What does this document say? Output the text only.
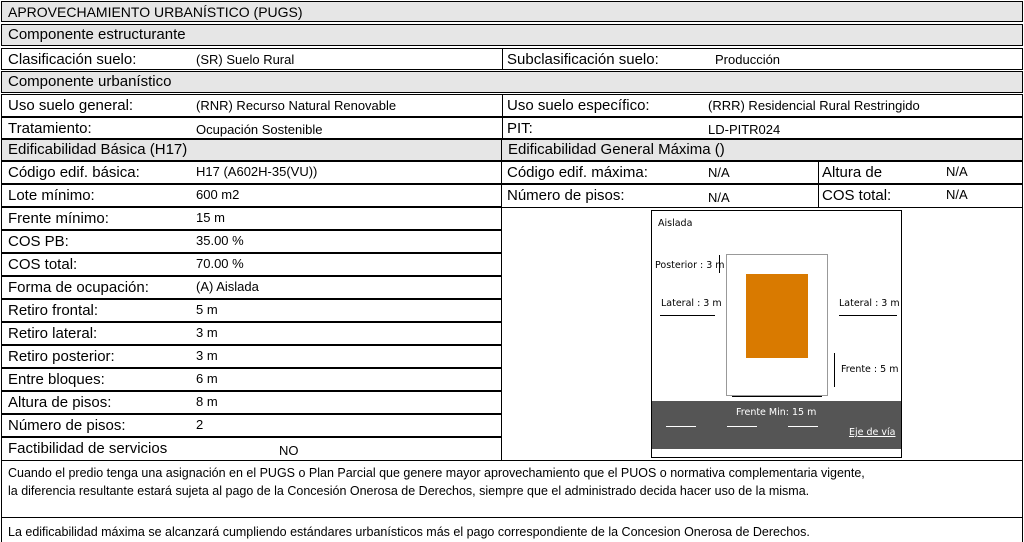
APROVECHAMIENTO URBANÍSTICO (PUGS)
Componente estructurante
Clasificación suelo:	(SR) Suelo Rural	Subclasificación suelo:	Producción
Componente urbanístico
Uso suelo general:	(RNR) Recurso Natural Renovable	Uso suelo específico:	(RRR) Residencial Rural Restringido
Tratamiento:	Ocupación Sostenible	PIT:	LD-PITR024
Edificabilidad Básica (H17)	Edificabilidad General Máxima ()
Código edif. básica:	H17 (A602H-35(VU))
Lote mínimo:	600 m2
Frente mínimo:	15 m
COS PB:	35.00 %
COS total:	70.00 %
Forma de ocupación:	(A) Aislada
Retiro frontal:	5 m
Retiro lateral:	3 m
Retiro posterior:	3 m
Entre bloques:	6 m
Altura de pisos:	8 m
Número de pisos:	2
Factibilidad de servicios	NO
Código edif. máxima:	N/A	Altura de	N/A
Número de pisos:	N/A	COS total:	N/A
Aislada
Posterior : 3 m
Lateral : 3 m	Lateral : 3 m
Frente : 5 m
Frente Min: 15 m
Eje de vía
Cuando el predio tenga una asignación en el PUGS o Plan Parcial que genere mayor aprovechamiento que el PUOS o normativa complementaria vigente,
la diferencia resultante estará sujeta al pago de la Concesión Onerosa de Derechos, siempre que el administrado decida hacer uso de la misma.
La edificabilidad máxima se alcanzará cumpliendo estándares urbanísticos más el pago correspondiente de la Concesion Onerosa de Derechos.
